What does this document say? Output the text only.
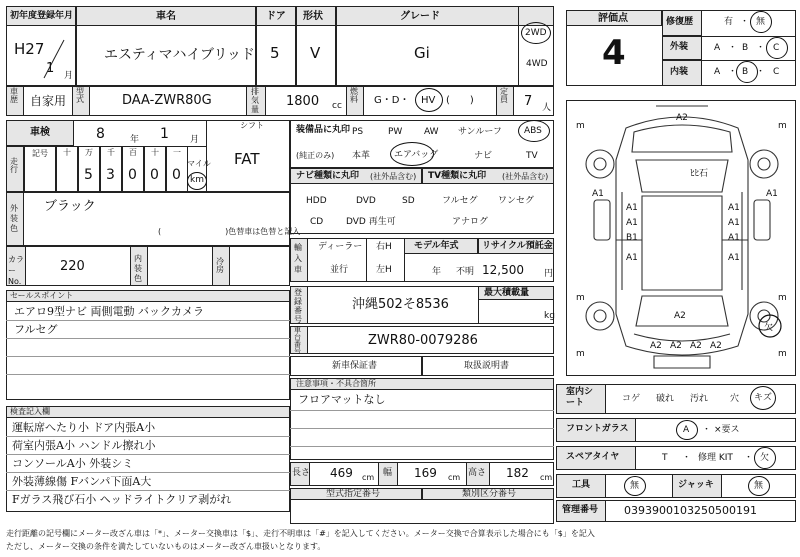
初年度登録年月
H27
1 月
車名
エスティマハイブリッド
ドア
5
形状
V
グレード
Gi
2WD
4WD
車歴 自家用
型式	DAA-ZWR80G
排気量
1800 cc
燃料 G・D・ HV (　　)
定員 7 人
車検	8	年 1 月
シフト
FAT
走行
記号 十 万
5
千
3
百
0
十
0
一
0
マイル
km
外装色
ブラック
(　　　　　　　　)色替車は色替と記入
カラーNo.
220
内装色
冷房
セールスポイント
エアロ9型ナビ 両側電動 バックカメラ
フルセグ
検査記入欄
運転席へたり小 ドア内張A小
荷室内張A小 ハンドル擦れ小
コンソールA小 外装シミ
外装薄線傷 Fバンパ下面A大
Fガラス飛び石小 ヘッドライトクリア剥がれ
装備品に丸印
(純正のみ)
PS	PW AW サンルーフ ABS
本革	エアバッグ	ナビ	TV
ナビ種類に丸印 (社外品含む) TV種類に丸印 (社外品含む)
HDD	DVD	SD
CD	DVD 再生可
フルセグ ワンセグ
アナログ
輸入車
ディーラー
並行
右H
左H
モデル年式
年 不明
リサイクル預託金
12,500 円
登録番号
沖縄502そ8536
最大積載量
kg
車台番号
ZWR80-0079286
新車保証書	取扱説明書
注意事項・不具合箇所
フロアマットなし
長さ 469 cm 幅 169 cm 高さ 182 cm
型式指定番号	類別区分番号
評価点
4
修復歴	有 ・ 無
外装	A ・ B ・ C
内装	A ・ B ・ C
m	m
m	m
m	m
A2
A1	A1
A1
A1
B1
A1
A1
A1
A1	A1
ﾋﾋ石
A2 A2 A2 A2
A2
欠
室内シート	コゲ 破れ 汚れ 穴 キズ
フロントガラス	A ・ ×要ス
スペアタイヤ	T ・ 修理 KIT ・ 欠
工具	無	ジャッキ	無
管理番号 0393900103250500191
走行距離の記号欄にメーター改ざん車は「*」、メーター交換車は「$」、走行不明車は「#」を記入してください。メーター交換で合算表示した場合にも「$」を記入
ただし、メーター交換の条件を満たしていないものはメーター改ざん車扱いとなります。
